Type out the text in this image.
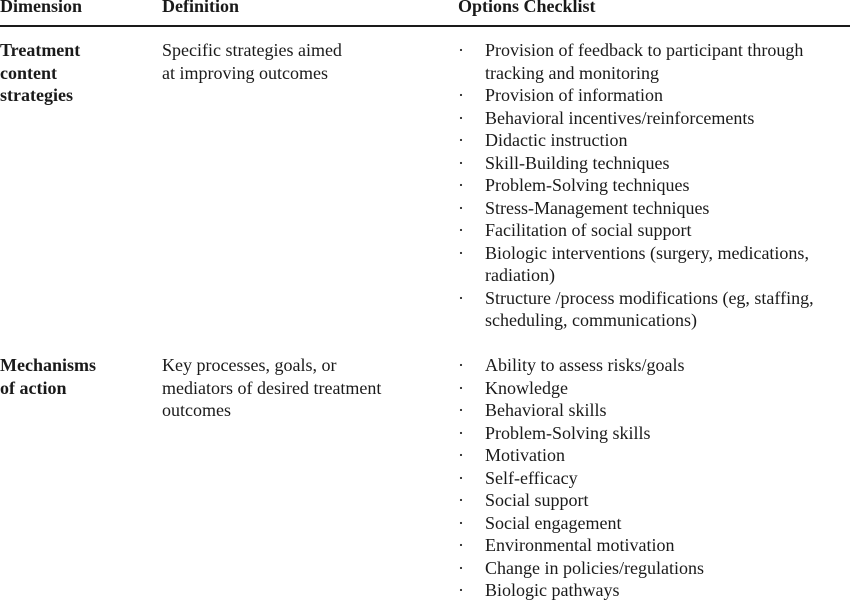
Dimension	Definition	Options Checklist
Treatment
content
strategies
Specific strategies aimed
at improving outcomes
· Provision of feedback to participant through
tracking and monitoring
· Provision of information
· Behavioral incentives/reinforcements
· Didactic instruction
· Skill-Building techniques
· Problem-Solving techniques
· Stress-Management techniques
· Facilitation of social support
· Biologic interventions (surgery, medications,
radiation)
· Structure /process modifications (eg, staffing,
scheduling, communications)
Mechanisms
of action
Key processes, goals, or
mediators of desired treatment
outcomes
· Ability to assess risks/goals
· Knowledge
· Behavioral skills
· Problem-Solving skills
· Motivation
· Self-efficacy
· Social support
· Social engagement
· Environmental motivation
· Change in policies/regulations
· Biologic pathways
